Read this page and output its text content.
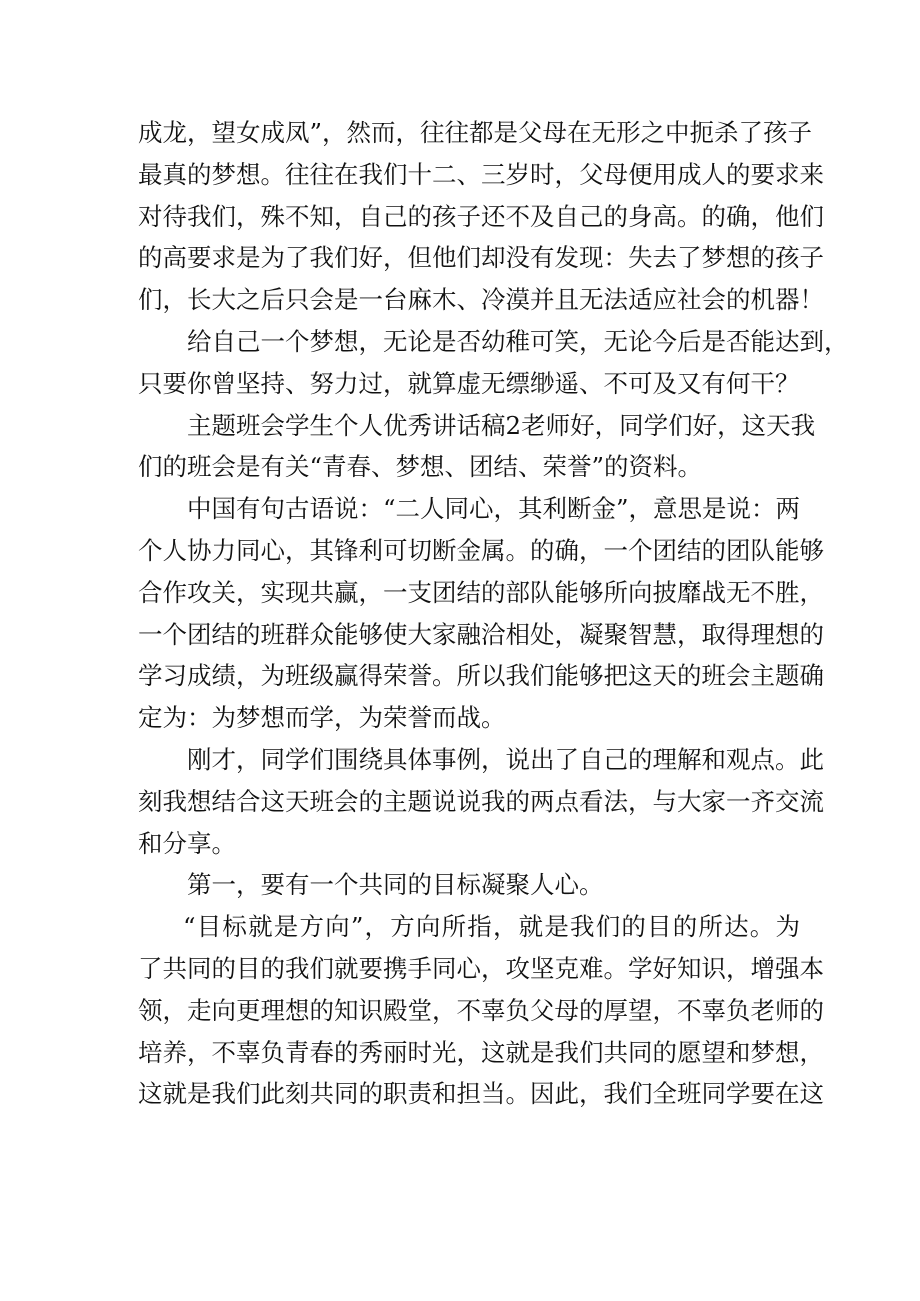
成龙，望女成凤”，然而，往往都是父母在无形之中扼杀了孩子
最真的梦想。往往在我们十二、三岁时，父母便用成人的要求来
对待我们，殊不知，自己的孩子还不及自己的身高。的确，他们
的高要求是为了我们好，但他们却没有发现：失去了梦想的孩子
们，长大之后只会是一台麻木、冷漠并且无法适应社会的机器！
给自己一个梦想，无论是否幼稚可笑，无论今后是否能达到，
只要你曾坚持、努力过，就算虚无缥缈遥、不可及又有何干？
主题班会学生个人优秀讲话稿2老师好，同学们好，这天我
们的班会是有关“青春、梦想、团结、荣誉”的资料。
中国有句古语说：“二人同心，其利断金”，意思是说：两
个人协力同心，其锋利可切断金属。的确，一个团结的团队能够
合作攻关，实现共赢，一支团结的部队能够所向披靡战无不胜，
一个团结的班群众能够使大家融洽相处，凝聚智慧，取得理想的
学习成绩，为班级赢得荣誉。所以我们能够把这天的班会主题确
定为：为梦想而学，为荣誉而战。
刚才，同学们围绕具体事例，说出了自己的理解和观点。此
刻我想结合这天班会的主题说说我的两点看法，与大家一齐交流
和分享。
第一，要有一个共同的目标凝聚人心。
“目标就是方向”，方向所指，就是我们的目的所达。为
了共同的目的我们就要携手同心，攻坚克难。学好知识，增强本
领，走向更理想的知识殿堂，不辜负父母的厚望，不辜负老师的
培养，不辜负青春的秀丽时光，这就是我们共同的愿望和梦想，
这就是我们此刻共同的职责和担当。因此，我们全班同学要在这
